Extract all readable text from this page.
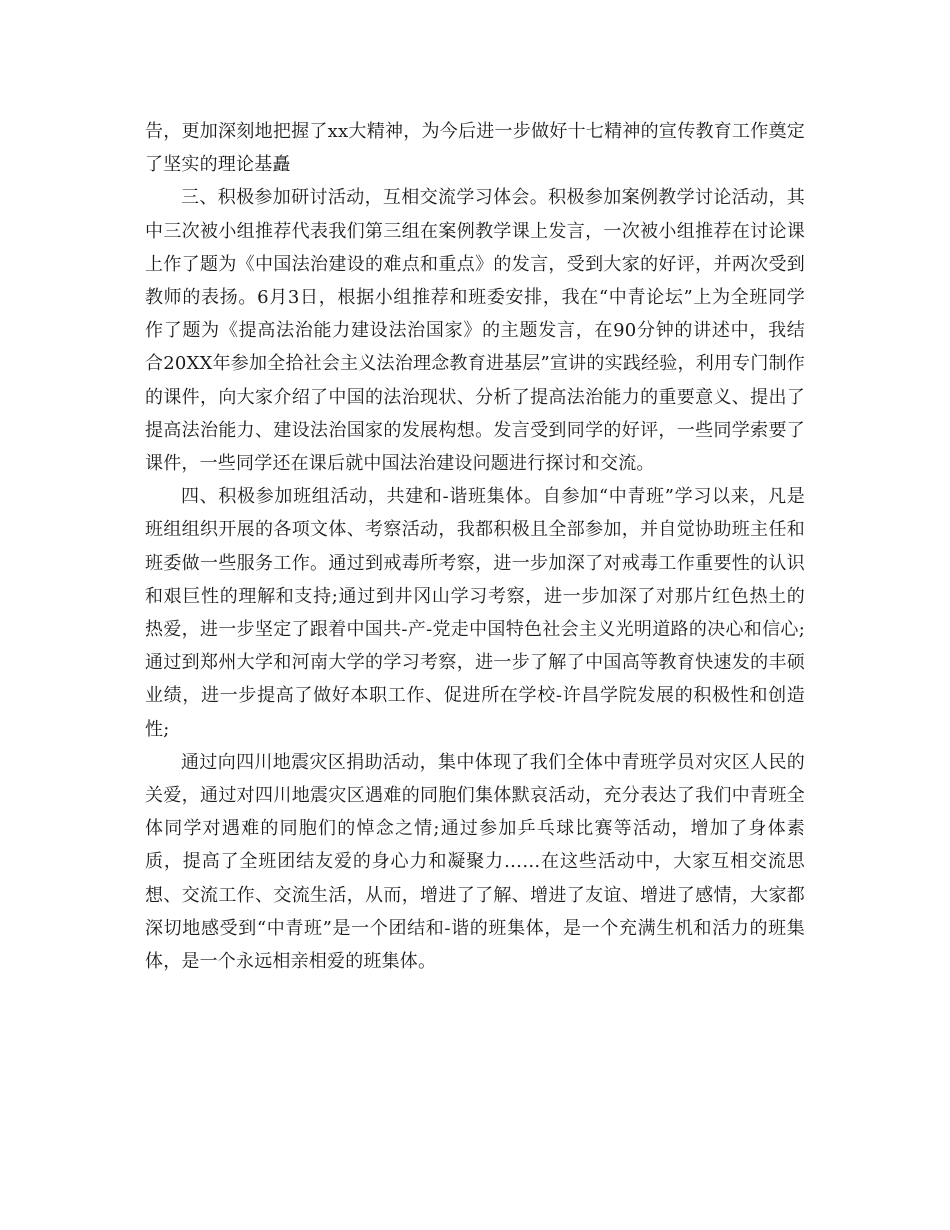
告，更加深刻地把握了xx大精神，为今后进一步做好十七精神的宣传教育工作奠定了坚实的理论基矗

三、积极参加研讨活动，互相交流学习体会。积极参加案例教学讨论活动，其中三次被小组推荐代表我们第三组在案例教学课上发言，一次被小组推荐在讨论课上作了题为《中国法治建设的难点和重点》的发言，受到大家的好评，并两次受到教师的表扬。6月3日，根据小组推荐和班委安排，我在“中青论坛”上为全班同学作了题为《提高法治能力建设法治国家》的主题发言，在90分钟的讲述中，我结合20XX年参加全拾社会主义法治理念教育进基层”宣讲的实践经验，利用专门制作的课件，向大家介绍了中国的法治现状、分析了提高法治能力的重要意义、提出了提高法治能力、建设法治国家的发展构想。发言受到同学的好评，一些同学索要了课件，一些同学还在课后就中国法治建设问题进行探讨和交流。

四、积极参加班组活动，共建和-谐班集体。自参加“中青班”学习以来，凡是班组组织开展的各项文体、考察活动，我都积极且全部参加，并自觉协助班主任和班委做一些服务工作。通过到戒毒所考察，进一步加深了对戒毒工作重要性的认识和艰巨性的理解和支持;通过到井冈山学习考察，进一步加深了对那片红色热土的热爱，进一步坚定了跟着中国共-产-党走中国特色社会主义光明道路的决心和信心;通过到郑州大学和河南大学的学习考察，进一步了解了中国高等教育快速发的丰硕业绩，进一步提高了做好本职工作、促进所在学校-许昌学院发展的积极性和创造性;

通过向四川地震灾区捐助活动，集中体现了我们全体中青班学员对灾区人民的关爱，通过对四川地震灾区遇难的同胞们集体默哀活动，充分表达了我们中青班全体同学对遇难的同胞们的悼念之情;通过参加乒乓球比赛等活动，增加了身体素质，提高了全班团结友爱的身心力和凝聚力……在这些活动中，大家互相交流思想、交流工作、交流生活，从而，增进了了解、增进了友谊、增进了感情，大家都深切地感受到“中青班”是一个团结和-谐的班集体，是一个充满生机和活力的班集体，是一个永远相亲相爱的班集体。
